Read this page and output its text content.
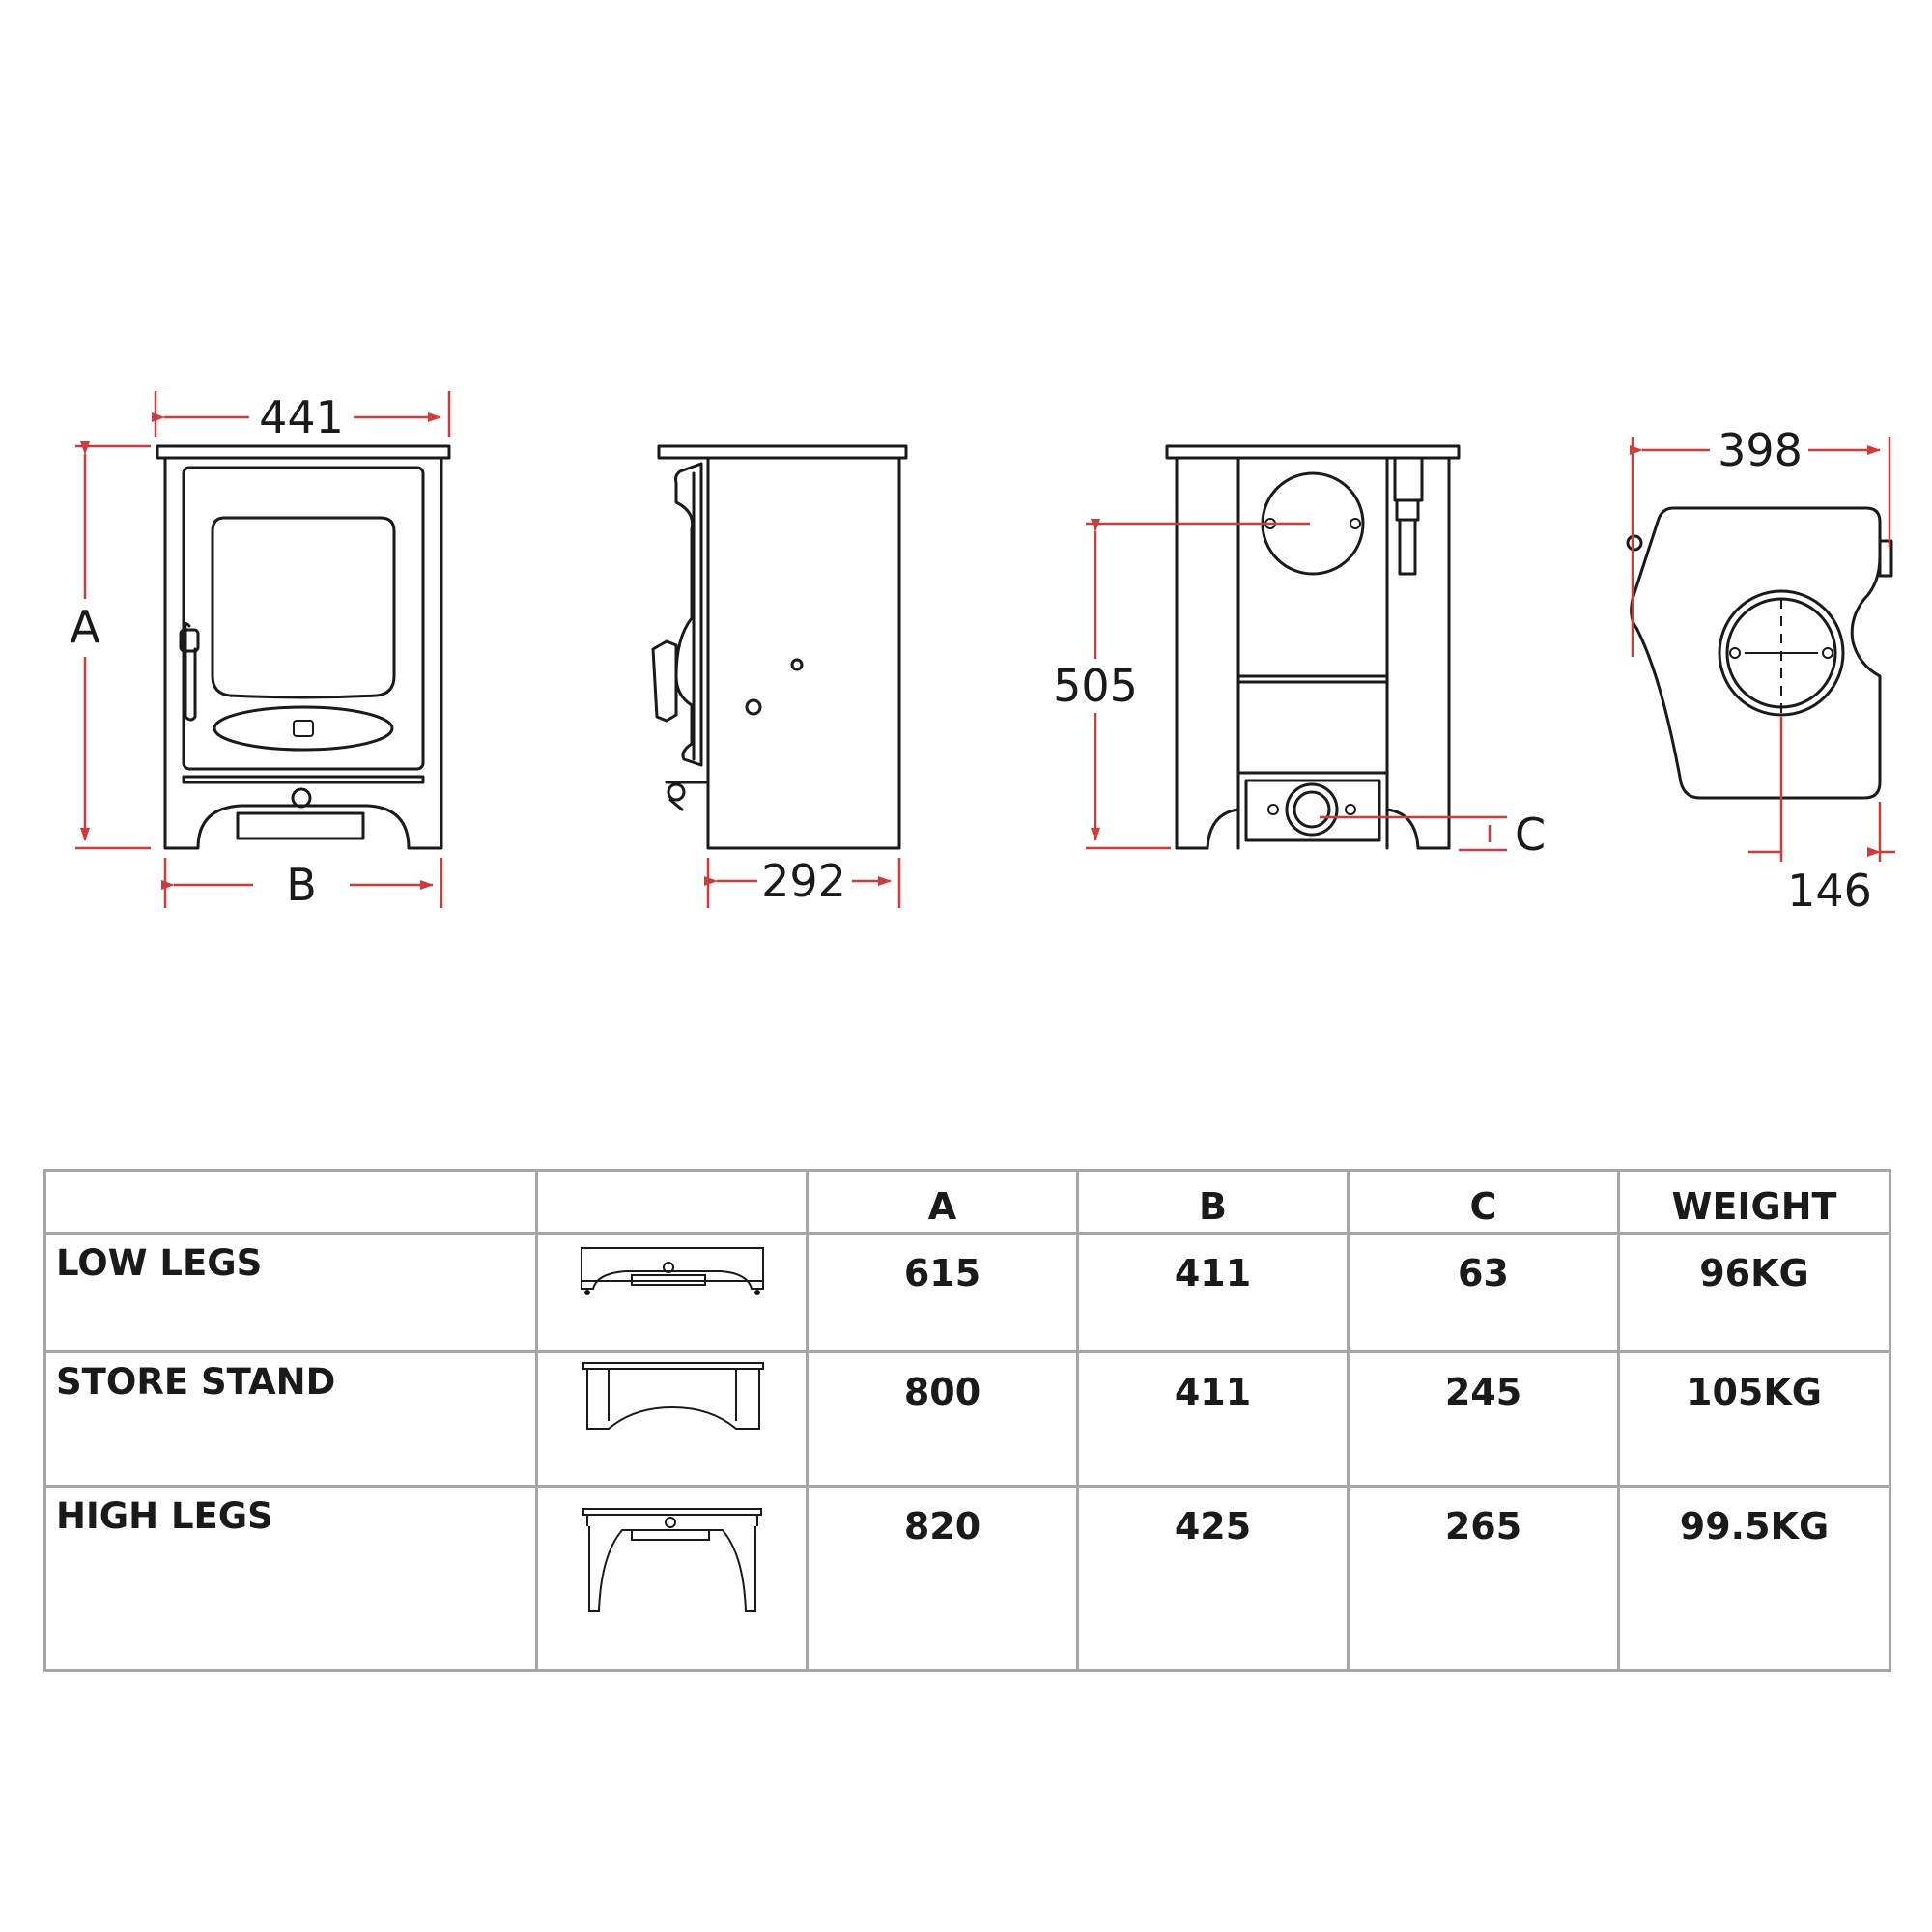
441
A
B	292
505
C
398
146
		A	B	C	WEIGHT
LOW LEGS		615	411	63	96KG
STORE STAND		800	411	245	105KG
HIGH LEGS		820	425	265	99.5KG
